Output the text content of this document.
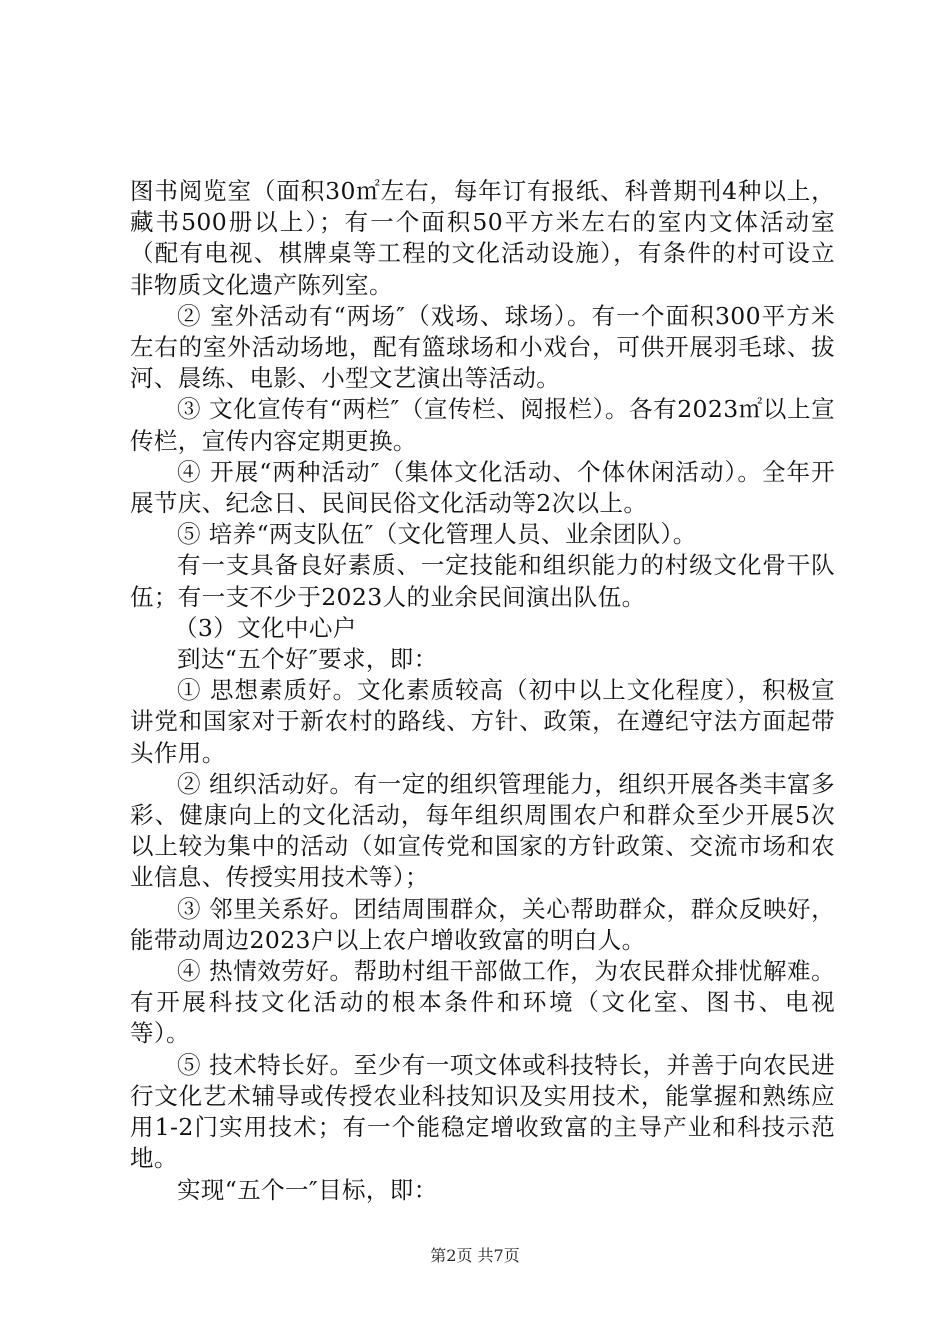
图书阅览室（面积30㎡左右，每年订有报纸、科普期刊4种以上，藏书500册以上）；有一个面积50平方米左右的室内文体活动室（配有电视、棋牌桌等工程的文化活动设施），有条件的村可设立非物质文化遗产陈列室。

② 室外活动有“两场″（戏场、球场）。有一个面积300平方米左右的室外活动场地，配有篮球场和小戏台，可供开展羽毛球、拔河、晨练、电影、小型文艺演出等活动。

③ 文化宣传有“两栏″（宣传栏、阅报栏）。各有2023㎡以上宣传栏，宣传内容定期更换。

④ 开展“两种活动″（集体文化活动、个体休闲活动）。全年开展节庆、纪念日、民间民俗文化活动等2次以上。

⑤ 培养“两支队伍″（文化管理人员、业余团队）。

有一支具备良好素质、一定技能和组织能力的村级文化骨干队伍；有一支不少于2023人的业余民间演出队伍。

（3）文化中心户

到达“五个好″要求，即：

① 思想素质好。文化素质较高（初中以上文化程度），积极宣讲党和国家对于新农村的路线、方针、政策，在遵纪守法方面起带头作用。

② 组织活动好。有一定的组织管理能力，组织开展各类丰富多彩、健康向上的文化活动，每年组织周围农户和群众至少开展5次以上较为集中的活动（如宣传党和国家的方针政策、交流市场和农业信息、传授实用技术等）；

③ 邻里关系好。团结周围群众，关心帮助群众，群众反映好，能带动周边2023户以上农户增收致富的明白人。

④ 热情效劳好。帮助村组干部做工作，为农民群众排忧解难。有开展科技文化活动的根本条件和环境（文化室、图书、电视等）。

⑤ 技术特长好。至少有一项文体或科技特长，并善于向农民进行文化艺术辅导或传授农业科技知识及实用技术，能掌握和熟练应用1-2门实用技术；有一个能稳定增收致富的主导产业和科技示范地。

实现“五个一″目标，即：

第2页 共7页
